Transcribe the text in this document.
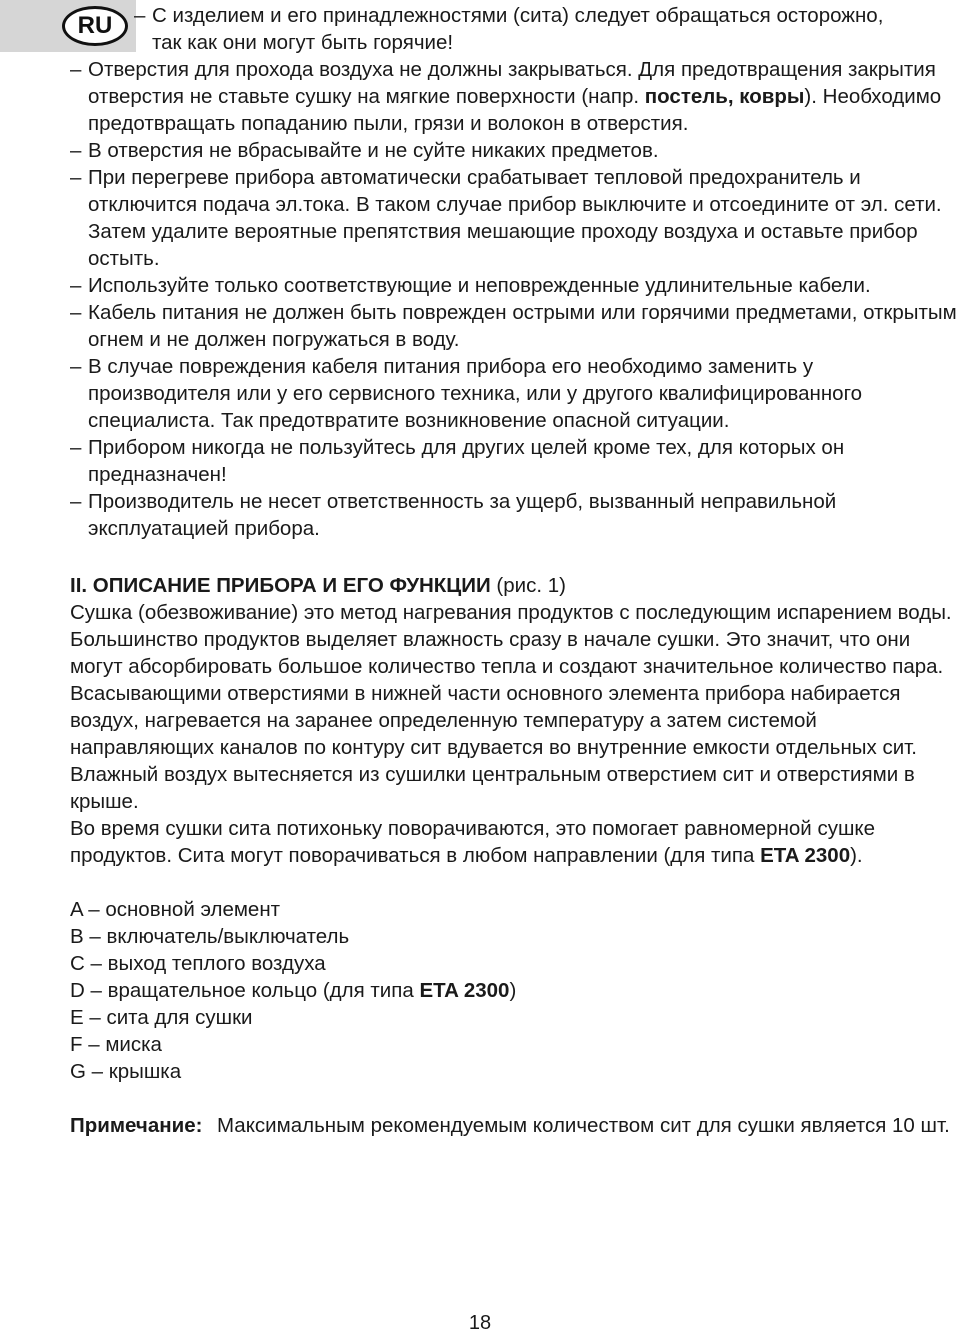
RU	– С изделием и его принадлежностями (сита) следует обращаться осторожно,
так как они могут быть горячие!
– Отверстия для прохода воздуха не должны закрываться. Для предотвращения закрытия отверстия не ставьте сушку на мягкие поверхности (напр. постель, ковры). Необходимо предотвращать попаданию пыли, грязи и волокон в отверстия.
– В отверстия не вбрасывайте и не суйте никаких предметов.
– При перегреве прибора автоматически срабатывает тепловой предохранитель и отключится подача эл.тока. В таком случае прибор выключите и отсоедините от эл. сети. Затем удалите вероятные препятствия мешающие проходу воздуха и оставьте прибор остыть.
– Используйте только соответствующие и неповрежденные удлинительные кабели.
– Кабель питания не должен быть поврежден острыми или горячими предметами, открытым огнем и не должен погружаться в воду.
– В случае повреждения кабеля питания прибора его необходимо заменить у производителя или у его сервисного техника, или у другого квалифицированного специалиста. Так предотвратите возникновение опасной ситуации.
– Прибором никогда не пользуйтесь для других целей кроме тех, для которых он предназначен!
– Производитель не несет ответственность за ущерб, вызванный неправильной эксплуатацией прибора.
II. ОПИСАНИЕ ПРИБОРА И ЕГО ФУНКЦИИ (рис. 1)

Сушка (обезвоживание) это метод нагревания продуктов с последующим испарением воды. Большинство продуктов выделяет влажность сразу в начале сушки. Это значит, что они могут абсорбировать большое количество тепла и создают значительное количество пара. Всасывающими отверстиями в нижней части основного элемента прибора набирается воздух, нагревается на заранее определенную температуру а затем системой направляющих каналов по контуру сит вдувается во внутренние емкости отдельных сит. Влажный воздух вытесняется из сушилки центральным отверстием сит и отверстиями в крыше.

Во время сушки сита потихоньку поворачиваются, это помогает равномерной сушке продуктов. Сита могут поворачиваться в любом направлении (для типа ETA 2300).

A – основной элемент
B – включатель/выключатель
C – выход теплого воздуха
D – вращательное кольцо (для типа ETA 2300)
E – сита для сушки
F – миска
G – крышка
Примечание: Максимальным рекомендуемым количеством сит для сушки является 10 шт.
18
